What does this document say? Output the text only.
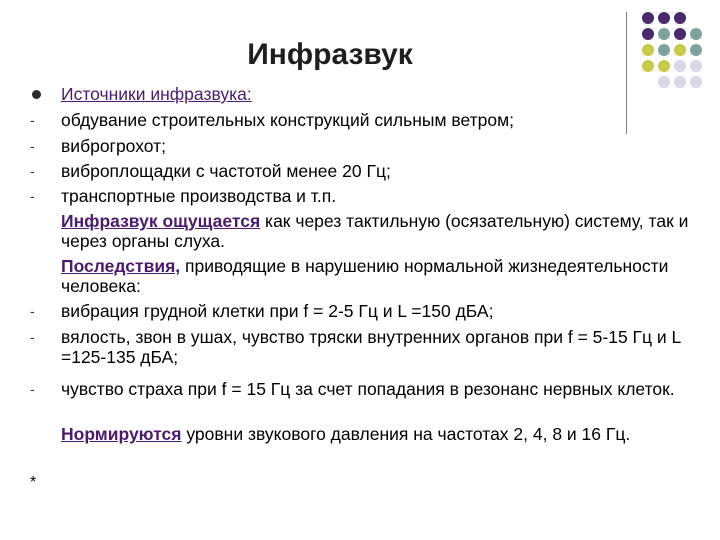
Инфразвук
Источники инфразвука:
-	обдувание строительных конструкций сильным ветром;
-	виброгрохот;
-	виброплощадки с частотой менее 20 Гц;
-	транспортные производства и т.п.
Инфразвук ощущается как через тактильную (осязательную) систему, так и через органы слуха.
Последствия, приводящие в нарушению нормальной жизнедеятельности человека:
-	вибрация грудной клетки при f = 2-5 Гц и L =150 дБА;
-	вялость, звон в ушах, чувство тряски внутренних органов при f = 5-15 Гц и L =125-135 дБА;
-	чувство страха при f = 15 Гц за счет попадания в резонанс нервных клеток.
Нормируются уровни звукового давления на частотах 2, 4, 8 и 16 Гц.
*
